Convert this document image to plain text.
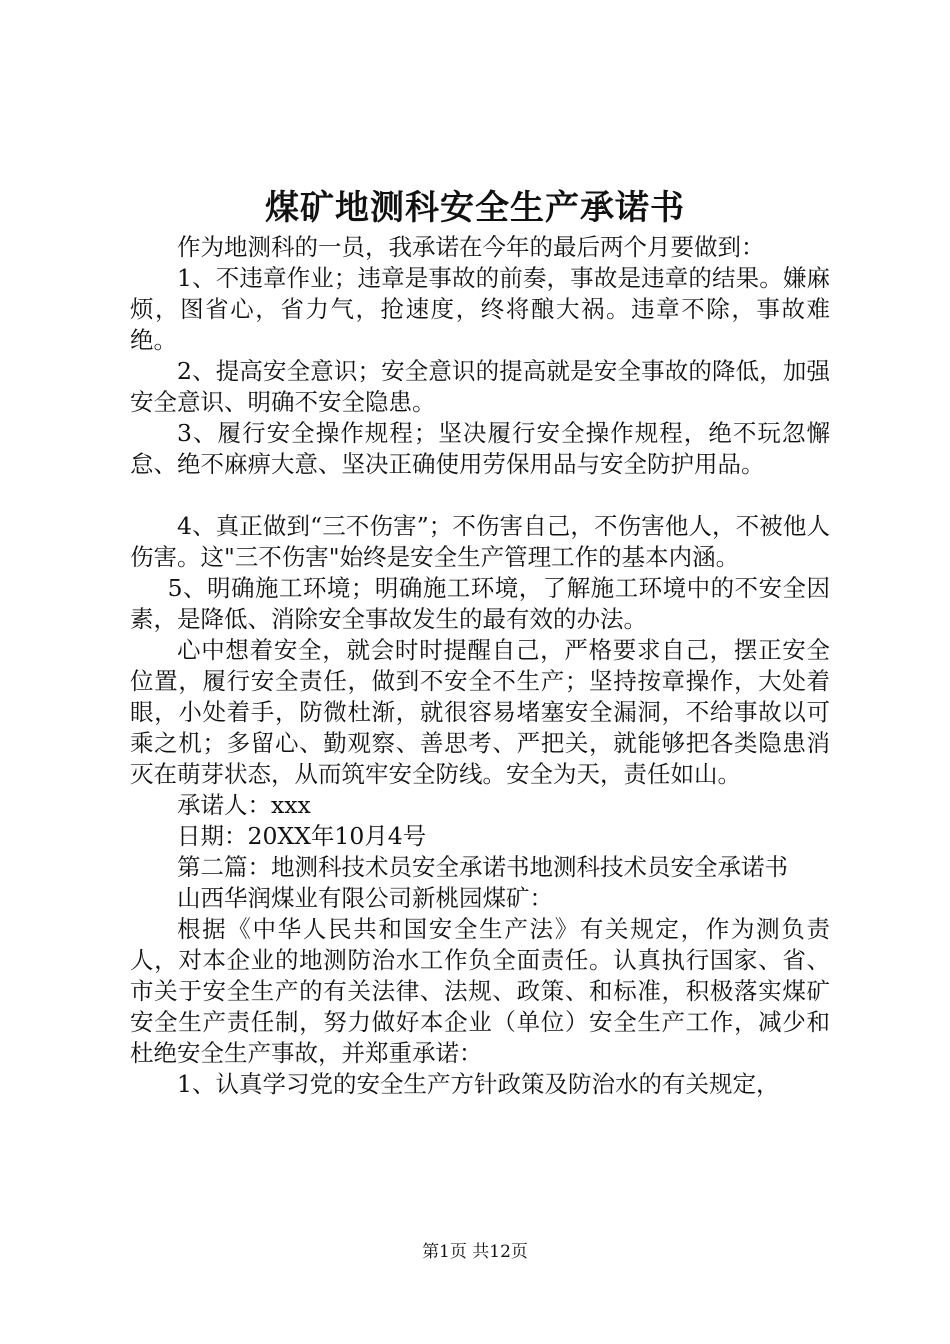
煤矿地测科安全生产承诺书

作为地测科的一员，我承诺在今年的最后两个月要做到：

1、不违章作业；违章是事故的前奏，事故是违章的结果。嫌麻烦，图省心，省力气，抢速度，终将酿大祸。违章不除，事故难绝。

2、提高安全意识；安全意识的提高就是安全事故的降低，加强安全意识、明确不安全隐患。

3、履行安全操作规程；坚决履行安全操作规程，绝不玩忽懈怠、绝不麻痹大意、坚决正确使用劳保用品与安全防护用品。

4、真正做到“三不伤害”；不伤害自己，不伤害他人，不被他人伤害。这"三不伤害"始终是安全生产管理工作的基本内涵。

5、明确施工环境；明确施工环境，了解施工环境中的不安全因素，是降低、消除安全事故发生的最有效的办法。

心中想着安全，就会时时提醒自己，严格要求自己，摆正安全位置，履行安全责任，做到不安全不生产；坚持按章操作，大处着眼，小处着手，防微杜渐，就很容易堵塞安全漏洞，不给事故以可乘之机；多留心、勤观察、善思考、严把关，就能够把各类隐患消灭在萌芽状态，从而筑牢安全防线。安全为天，责任如山。

承诺人：xxx

日期：20XX年10月4号

第二篇：地测科技术员安全承诺书地测科技术员安全承诺书

山西华润煤业有限公司新桃园煤矿：

根据《中华人民共和国安全生产法》有关规定，作为测负责人，对本企业的地测防治水工作负全面责任。认真执行国家、省、市关于安全生产的有关法律、法规、政策、和标准，积极落实煤矿安全生产责任制，努力做好本企业（单位）安全生产工作，减少和杜绝安全生产事故，并郑重承诺：

1、认真学习党的安全生产方针政策及防治水的有关规定，

第1页 共12页
